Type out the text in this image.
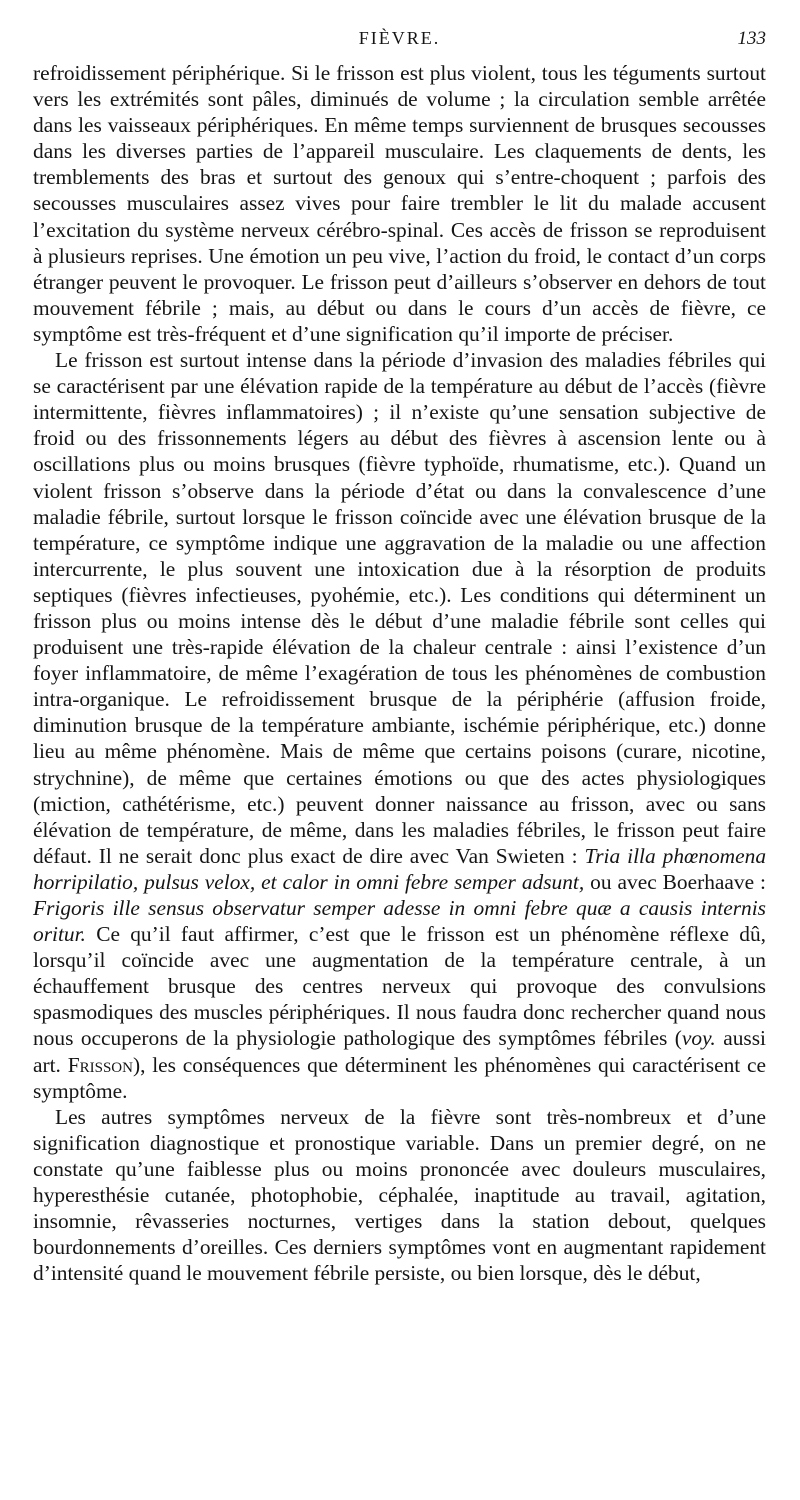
FIÈVRE.	133

refroidissement périphérique. Si le frisson est plus violent, tous les téguments surtout vers les extrémités sont pâles, diminués de volume ; la circulation semble arrêtée dans les vaisseaux périphériques. En même temps surviennent de brusques secousses dans les diverses parties de l’appareil musculaire. Les claquements de dents, les tremblements des bras et surtout des genoux qui s’entre-choquent ; parfois des secousses musculaires assez vives pour faire trembler le lit du malade accusent l’excitation du système nerveux cérébro-spinal. Ces accès de frisson se reproduisent à plusieurs reprises. Une émotion un peu vive, l’action du froid, le contact d’un corps étranger peuvent le provoquer. Le frisson peut d’ailleurs s’observer en dehors de tout mouvement fébrile ; mais, au début ou dans le cours d’un accès de fièvre, ce symptôme est très-fréquent et d’une signification qu’il importe de préciser.

Le frisson est surtout intense dans la période d’invasion des maladies fébriles qui se caractérisent par une élévation rapide de la température au début de l’accès (fièvre intermittente, fièvres inflammatoires) ; il n’existe qu’une sensation subjective de froid ou des frissonnements légers au début des fièvres à ascension lente ou à oscillations plus ou moins brusques (fièvre typhoïde, rhumatisme, etc.). Quand un violent frisson s’observe dans la période d’état ou dans la convalescence d’une maladie fébrile, surtout lorsque le frisson coïncide avec une élévation brusque de la température, ce symptôme indique une aggravation de la maladie ou une affection intercurrente, le plus souvent une intoxication due à la résorption de produits septiques (fièvres infectieuses, pyohémie, etc.). Les conditions qui déterminent un frisson plus ou moins intense dès le début d’une maladie fébrile sont celles qui produisent une très-rapide élévation de la chaleur centrale : ainsi l’existence d’un foyer inflammatoire, de même l’exagération de tous les phénomènes de combustion intra-organique. Le refroidissement brusque de la périphérie (affusion froide, diminution brusque de la température ambiante, ischémie périphérique, etc.) donne lieu au même phénomène. Mais de même que certains poisons (curare, nicotine, strychnine), de même que certaines émotions ou que des actes physiologiques (miction, cathétérisme, etc.) peuvent donner naissance au frisson, avec ou sans élévation de température, de même, dans les maladies fébriles, le frisson peut faire défaut. Il ne serait donc plus exact de dire avec Van Swieten : Tria illa phœnomena horripilatio, pulsus velox, et calor in omni febre semper adsunt, ou avec Boerhaave : Frigoris ille sensus observatur semper adesse in omni febre quæ a causis internis oritur. Ce qu’il faut affirmer, c’est que le frisson est un phénomène réflexe dû, lorsqu’il coïncide avec une augmentation de la température centrale, à un échauffement brusque des centres nerveux qui provoque des convulsions spasmodiques des muscles périphériques. Il nous faudra donc rechercher quand nous nous occuperons de la physiologie pathologique des symptômes fébriles (voy. aussi art. Frisson), les conséquences que déterminent les phénomènes qui caractérisent ce symptôme.

Les autres symptômes nerveux de la fièvre sont très-nombreux et d’une signification diagnostique et pronostique variable. Dans un premier degré, on ne constate qu’une faiblesse plus ou moins prononcée avec douleurs musculaires, hyperesthésie cutanée, photophobie, céphalée, inaptitude au travail, agitation, insomnie, rêvasseries nocturnes, vertiges dans la station debout, quelques bourdonnements d’oreilles. Ces derniers symptômes vont en augmentant rapidement d’intensité quand le mouvement fébrile persiste, ou bien lorsque, dès le début,
